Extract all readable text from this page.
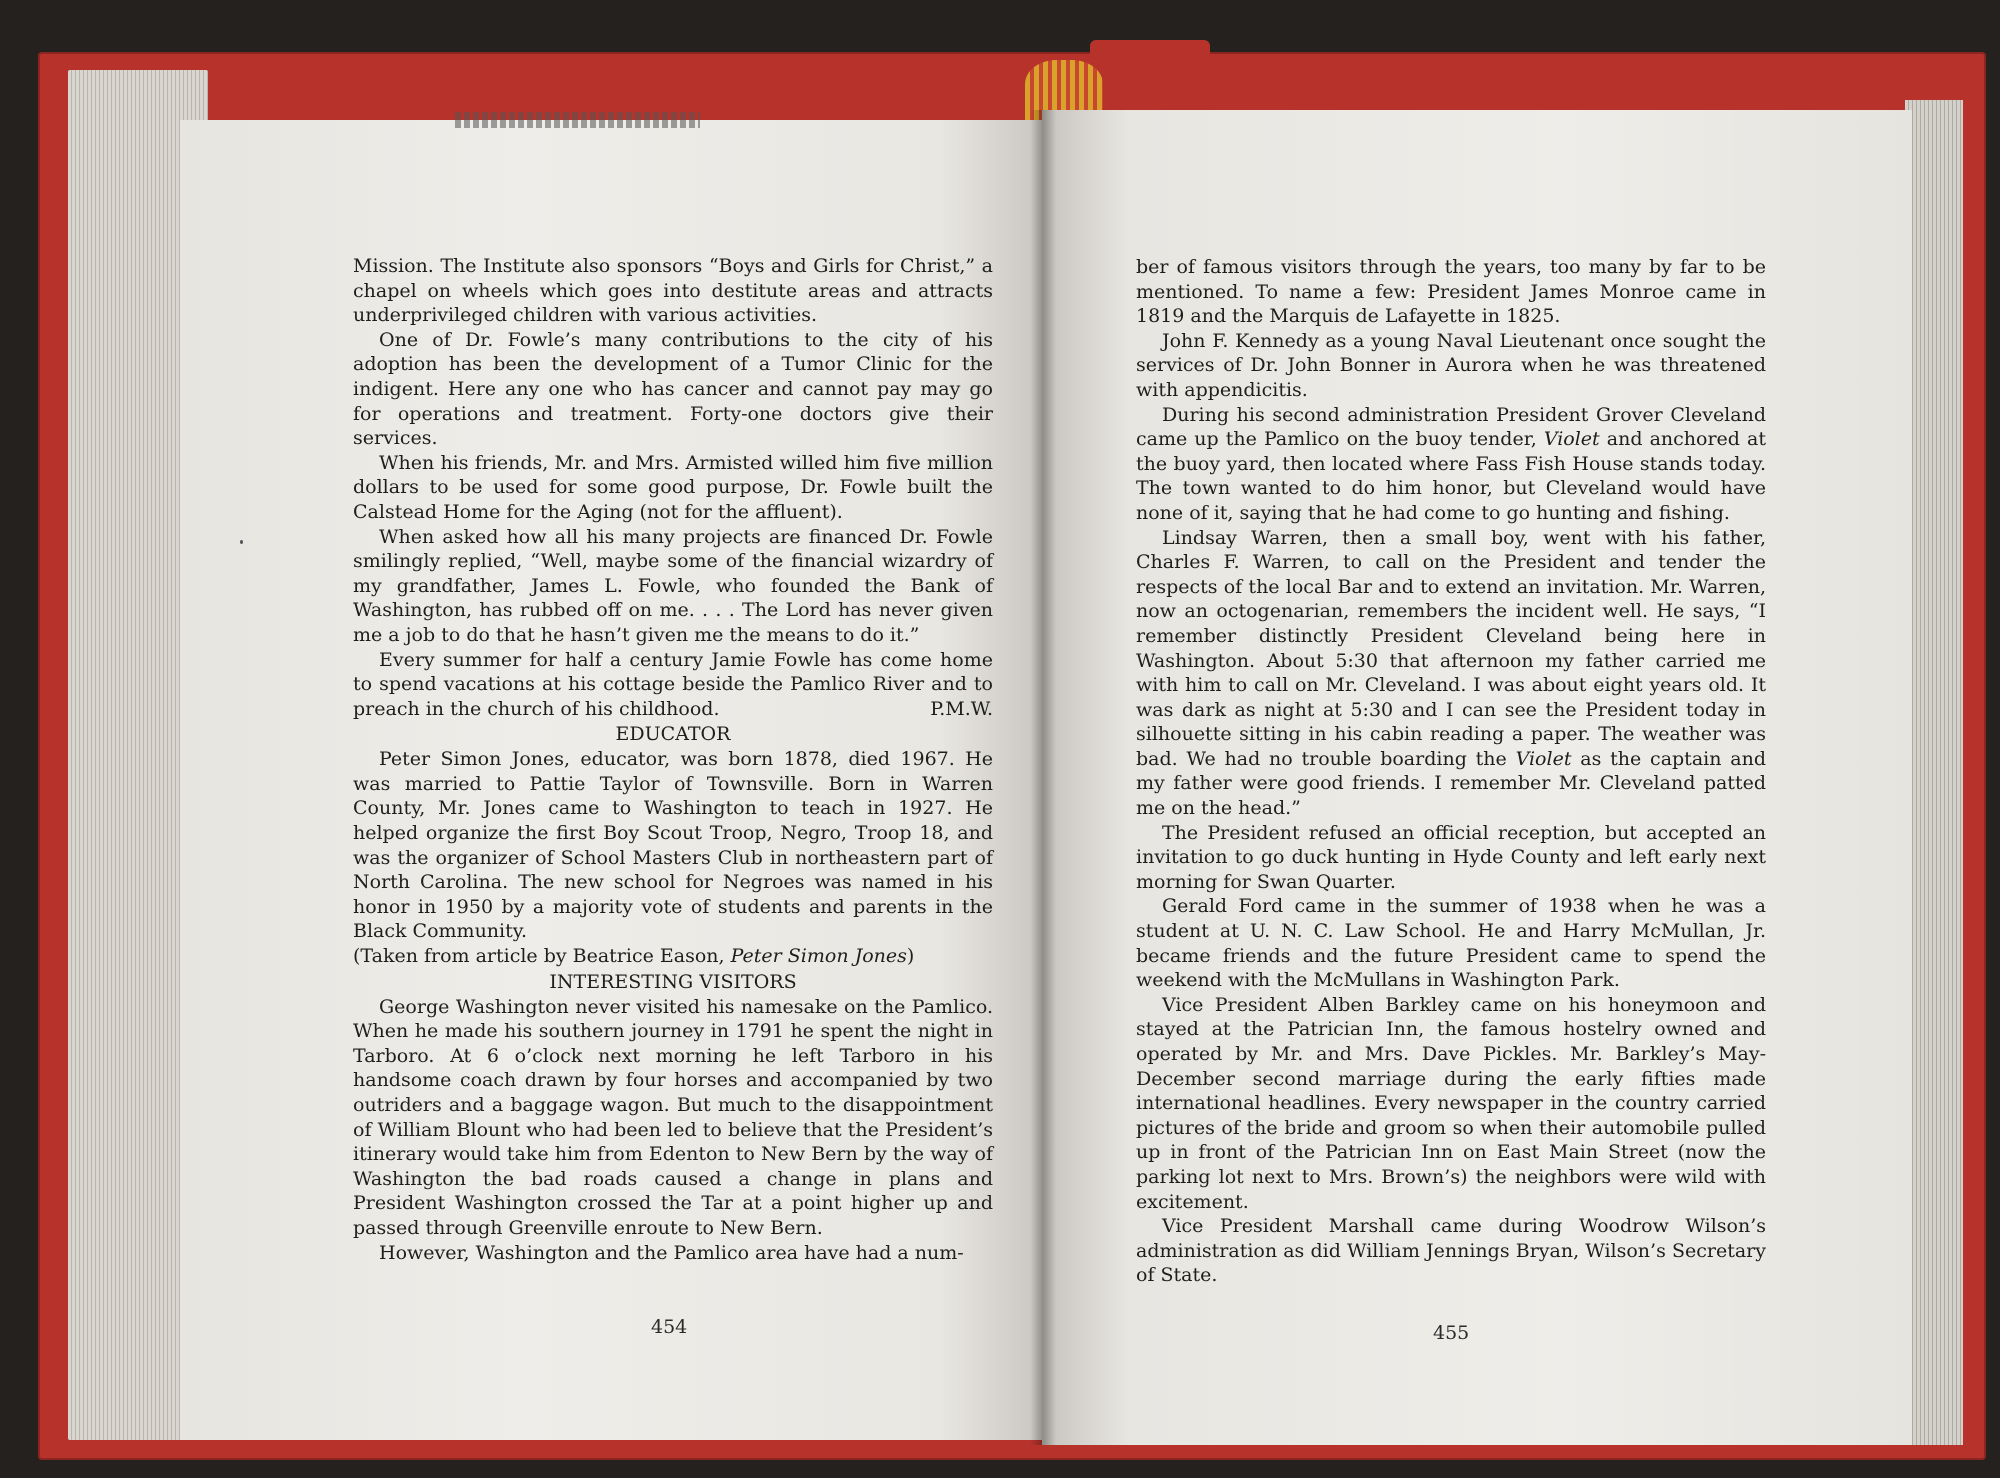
Mission. The Institute also sponsors “Boys and Girls for Christ,” a chapel on wheels which goes into destitute areas and attracts underprivileged children with various activities.

One of Dr. Fowle’s many contributions to the city of his adoption has been the development of a Tumor Clinic for the indigent. Here any one who has cancer and cannot pay may go for operations and treatment. Forty-one doctors give their services.

When his friends, Mr. and Mrs. Armisted willed him five million dollars to be used for some good purpose, Dr. Fowle built the Calstead Home for the Aging (not for the affluent).

When asked how all his many projects are financed Dr. Fowle smilingly replied, “Well, maybe some of the financial wizardry of my grandfather, James L. Fowle, who founded the Bank of Washington, has rubbed off on me. . . . The Lord has never given me a job to do that he hasn’t given me the means to do it.”

Every summer for half a century Jamie Fowle has come home to spend vacations at his cottage beside the Pamlico River and to preach in the church of his childhood.	P.M.W.

EDUCATOR

Peter Simon Jones, educator, was born 1878, died 1967. He was married to Pattie Taylor of Townsville. Born in Warren County, Mr. Jones came to Washington to teach in 1927. He helped organize the first Boy Scout Troop, Negro, Troop 18, and was the organizer of School Masters Club in northeastern part of North Carolina. The new school for Negroes was named in his honor in 1950 by a majority vote of students and parents in the Black Community.

(Taken from article by Beatrice Eason, Peter Simon Jones)

INTERESTING VISITORS

George Washington never visited his namesake on the Pamlico. When he made his southern journey in 1791 he spent the night in Tarboro. At 6 o’clock next morning he left Tarboro in his handsome coach drawn by four horses and accompanied by two outriders and a baggage wagon. But much to the disappointment of William Blount who had been led to believe that the President’s itinerary would take him from Edenton to New Bern by the way of Washington the bad roads caused a change in plans and President Washington crossed the Tar at a point higher up and passed through Greenville enroute to New Bern.

However, Washington and the Pamlico area have had a num-

454

ber of famous visitors through the years, too many by far to be mentioned. To name a few: President James Monroe came in 1819 and the Marquis de Lafayette in 1825.

John F. Kennedy as a young Naval Lieutenant once sought the services of Dr. John Bonner in Aurora when he was threatened with appendicitis.

During his second administration President Grover Cleveland came up the Pamlico on the buoy tender, Violet and anchored at the buoy yard, then located where Fass Fish House stands today. The town wanted to do him honor, but Cleveland would have none of it, saying that he had come to go hunting and fishing.

Lindsay Warren, then a small boy, went with his father, Charles F. Warren, to call on the President and tender the respects of the local Bar and to extend an invitation. Mr. Warren, now an octogenarian, remembers the incident well. He says, “I remember distinctly President Cleveland being here in Washington. About 5:30 that afternoon my father carried me with him to call on Mr. Cleveland. I was about eight years old. It was dark as night at 5:30 and I can see the President today in silhouette sitting in his cabin reading a paper. The weather was bad. We had no trouble boarding the Violet as the captain and my father were good friends. I remember Mr. Cleveland patted me on the head.”

The President refused an official reception, but accepted an invitation to go duck hunting in Hyde County and left early next morning for Swan Quarter.

Gerald Ford came in the summer of 1938 when he was a student at U. N. C. Law School. He and Harry McMullan, Jr. became friends and the future President came to spend the weekend with the McMullans in Washington Park.

Vice President Alben Barkley came on his honeymoon and stayed at the Patrician Inn, the famous hostelry owned and operated by Mr. and Mrs. Dave Pickles. Mr. Barkley’s May-December second marriage during the early fifties made international headlines. Every newspaper in the country carried pictures of the bride and groom so when their automobile pulled up in front of the Patrician Inn on East Main Street (now the parking lot next to Mrs. Brown’s) the neighbors were wild with excitement.

Vice President Marshall came during Woodrow Wilson’s administration as did William Jennings Bryan, Wilson’s Secretary of State.

455
